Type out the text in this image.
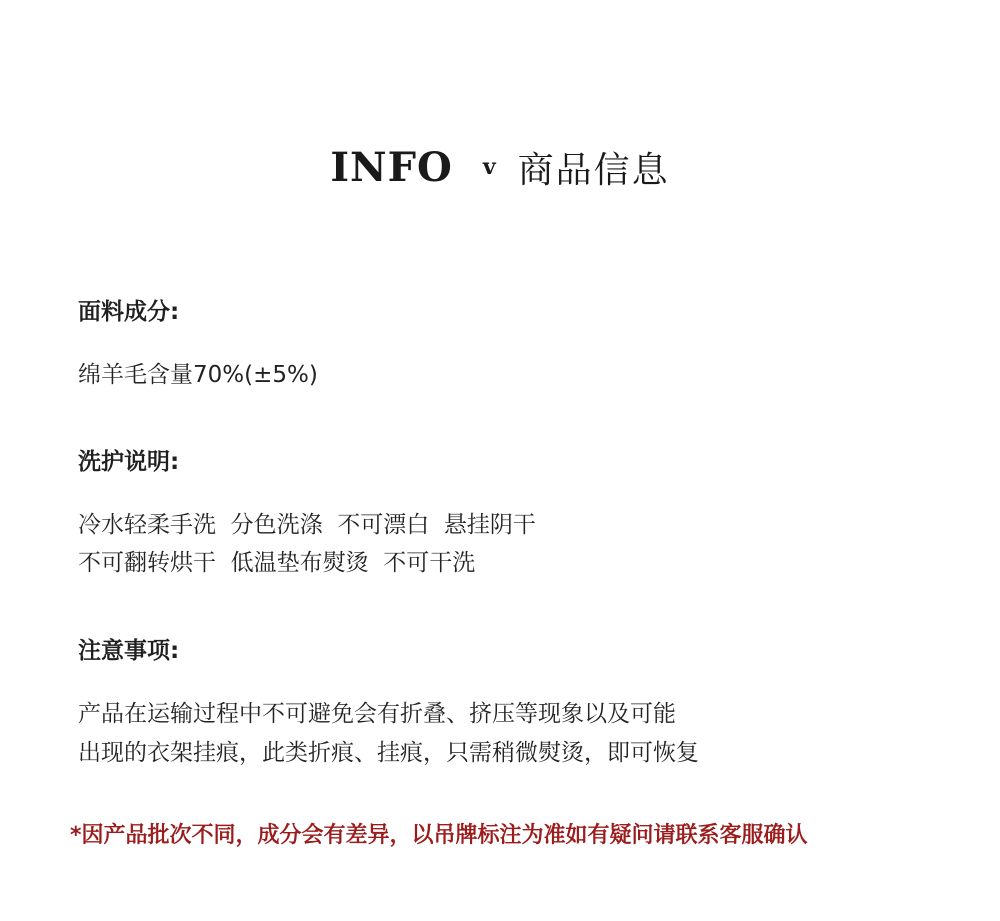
INFO v 商品信息
面料成分:
绵羊毛含量70%(±5%)
洗护说明:
冷水轻柔手洗  分色洗涤  不可漂白  悬挂阴干
不可翻转烘干  低温垫布熨烫  不可干洗
注意事项:
产品在运输过程中不可避免会有折叠、挤压等现象以及可能
出现的衣架挂痕，此类折痕、挂痕，只需稍微熨烫，即可恢复
*因产品批次不同，成分会有差异，以吊牌标注为准如有疑问请联系客服确认
